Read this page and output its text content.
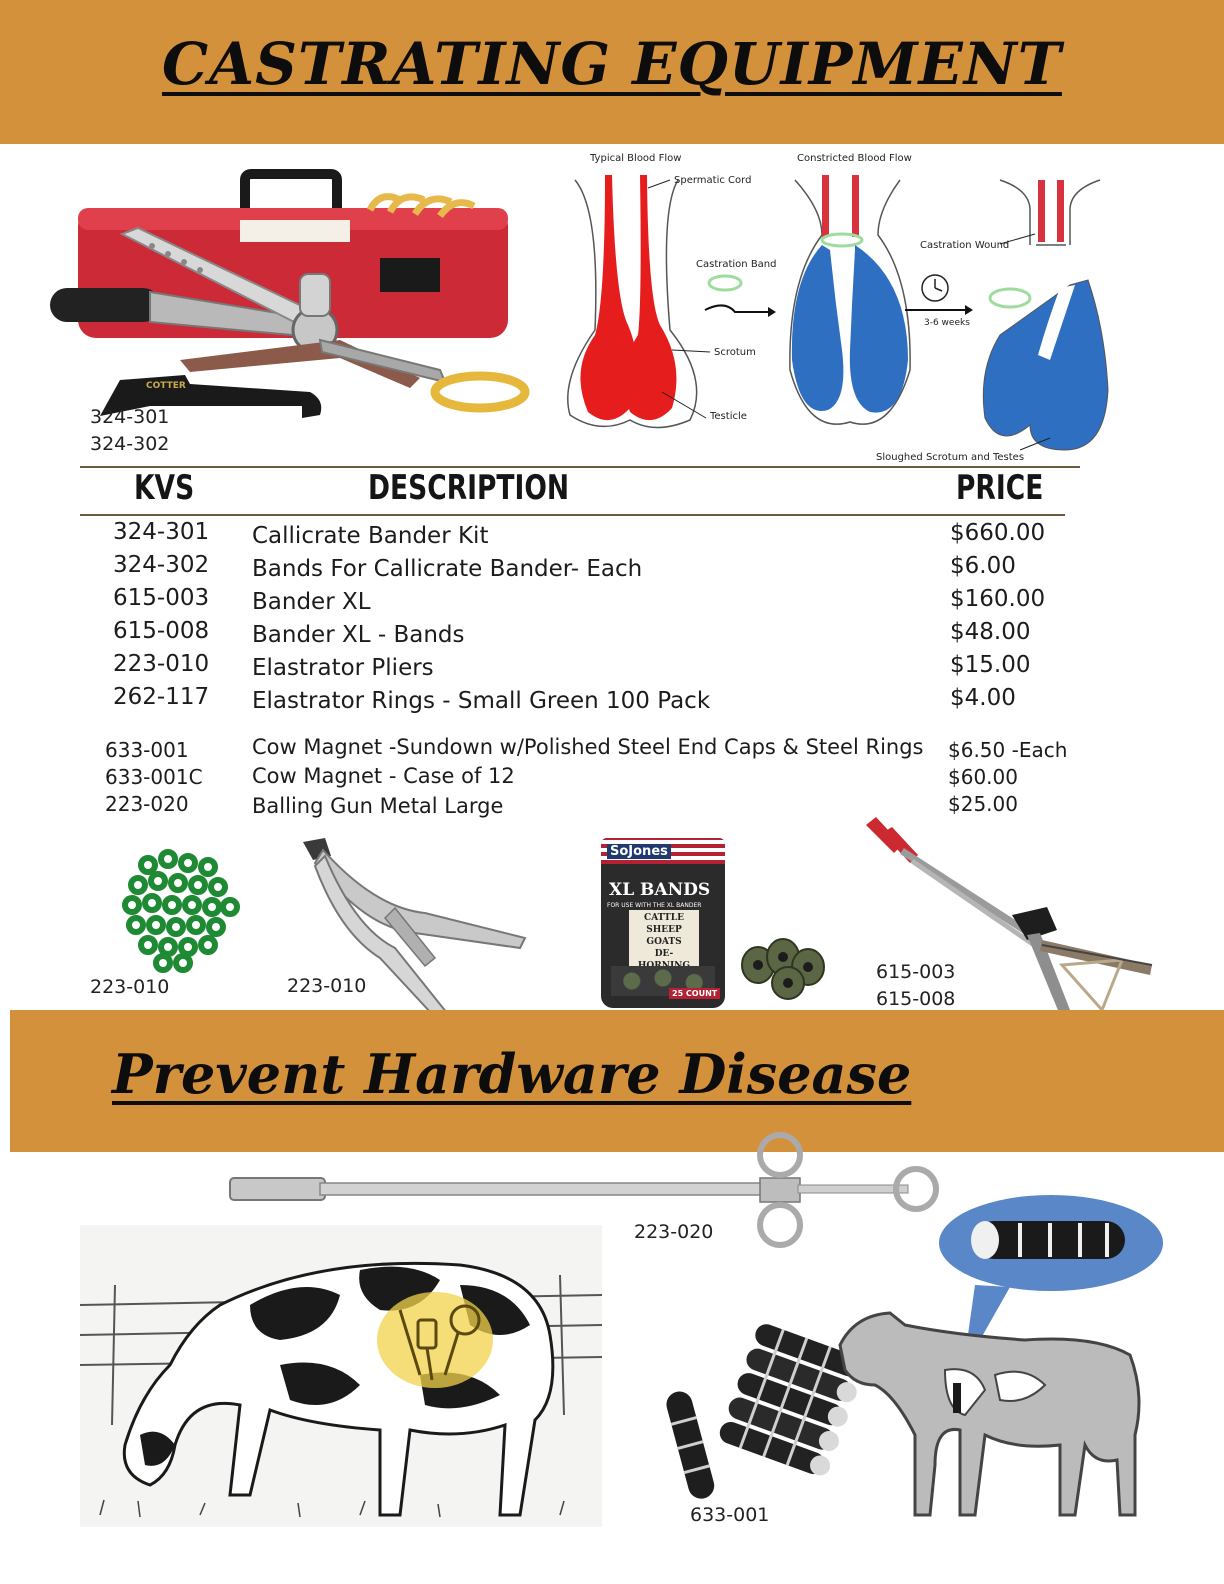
CASTRATING EQUIPMENT
COTTER
324-301
324-302
Typical Blood Flow
Spermatic Cord
Castration Band
Scrotum
Testicle
Constricted Blood Flow
Castration Wound
3-6 weeks
Sloughed Scrotum and Testes
KVS	DESCRIPTION	PRICE
324-301 Callicrate Bander Kit	$660.00
324-302 Bands For Callicrate Bander- Each	$6.00
615-003 Bander XL	$160.00
615-008 Bander XL - Bands	$48.00
223-010 Elastrator Pliers	$15.00
262-117 Elastrator Rings - Small Green 100 Pack	$4.00
633-001	Cow Magnet -Sundown w/Polished Steel End Caps & Steel Rings $6.50 -Each
633-001C Cow Magnet - Case of 12	$60.00
223-020	Balling Gun Metal Large	$25.00
223-010	223-010
SoJones
XL BANDS
FOR USE WITH THE XL BANDER
CATTLE
SHEEP
GOATS
DE-
25 COUNT
615-003
615-008
Prevent Hardware Disease
223-020
633-001
